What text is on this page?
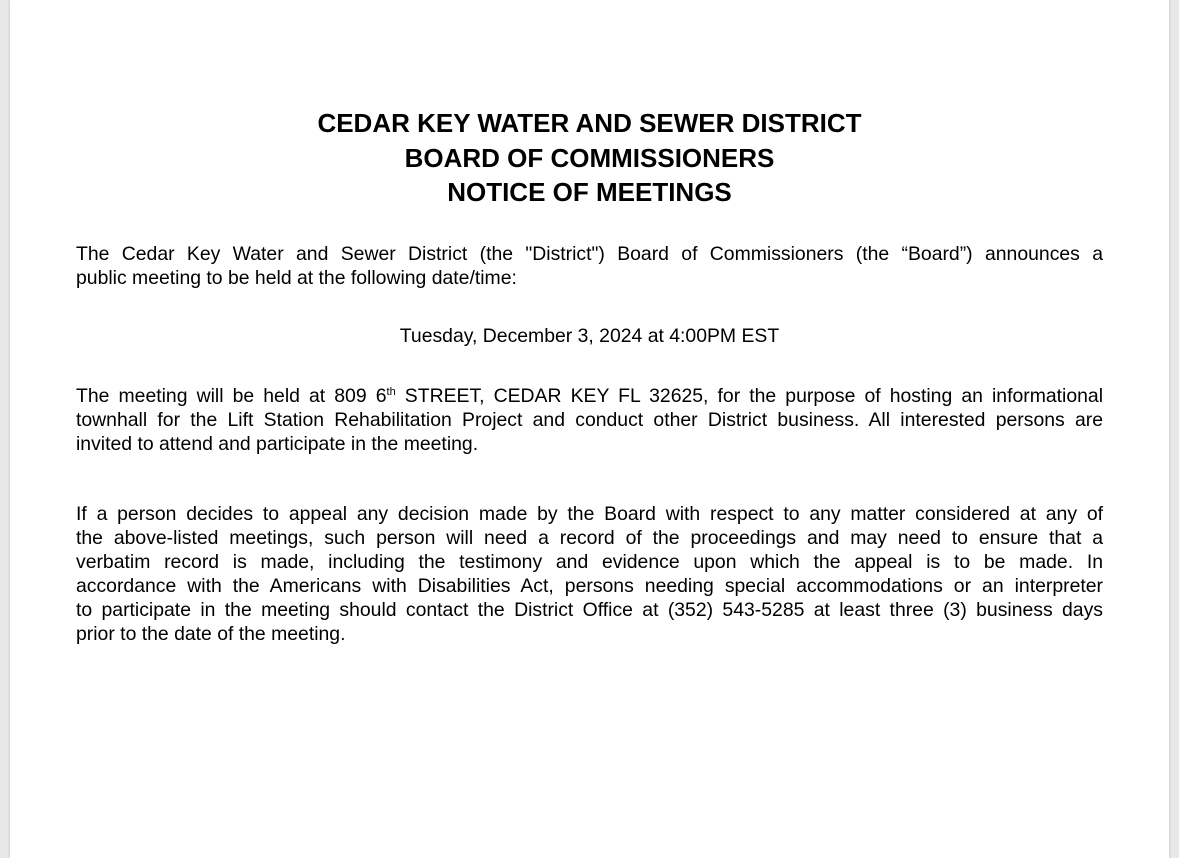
CEDAR KEY WATER AND SEWER DISTRICT
BOARD OF COMMISSIONERS
NOTICE OF MEETINGS
The Cedar Key Water and Sewer District (the "District") Board of Commissioners (the “Board”) announces a
public meeting to be held at the following date/time:
Tuesday, December 3, 2024 at 4:00PM EST
The meeting will be held at 809 6th STREET, CEDAR KEY FL 32625, for the purpose of hosting an informational
townhall for the Lift Station Rehabilitation Project and conduct other District business. All interested persons are
invited to attend and participate in the meeting.
If a person decides to appeal any decision made by the Board with respect to any matter considered at any of
the above-listed meetings, such person will need a record of the proceedings and may need to ensure that a
verbatim record is made, including the testimony and evidence upon which the appeal is to be made. In
accordance with the Americans with Disabilities Act, persons needing special accommodations or an interpreter
to participate in the meeting should contact the District Office at (352) 543-5285 at least three (3) business days
prior to the date of the meeting.
